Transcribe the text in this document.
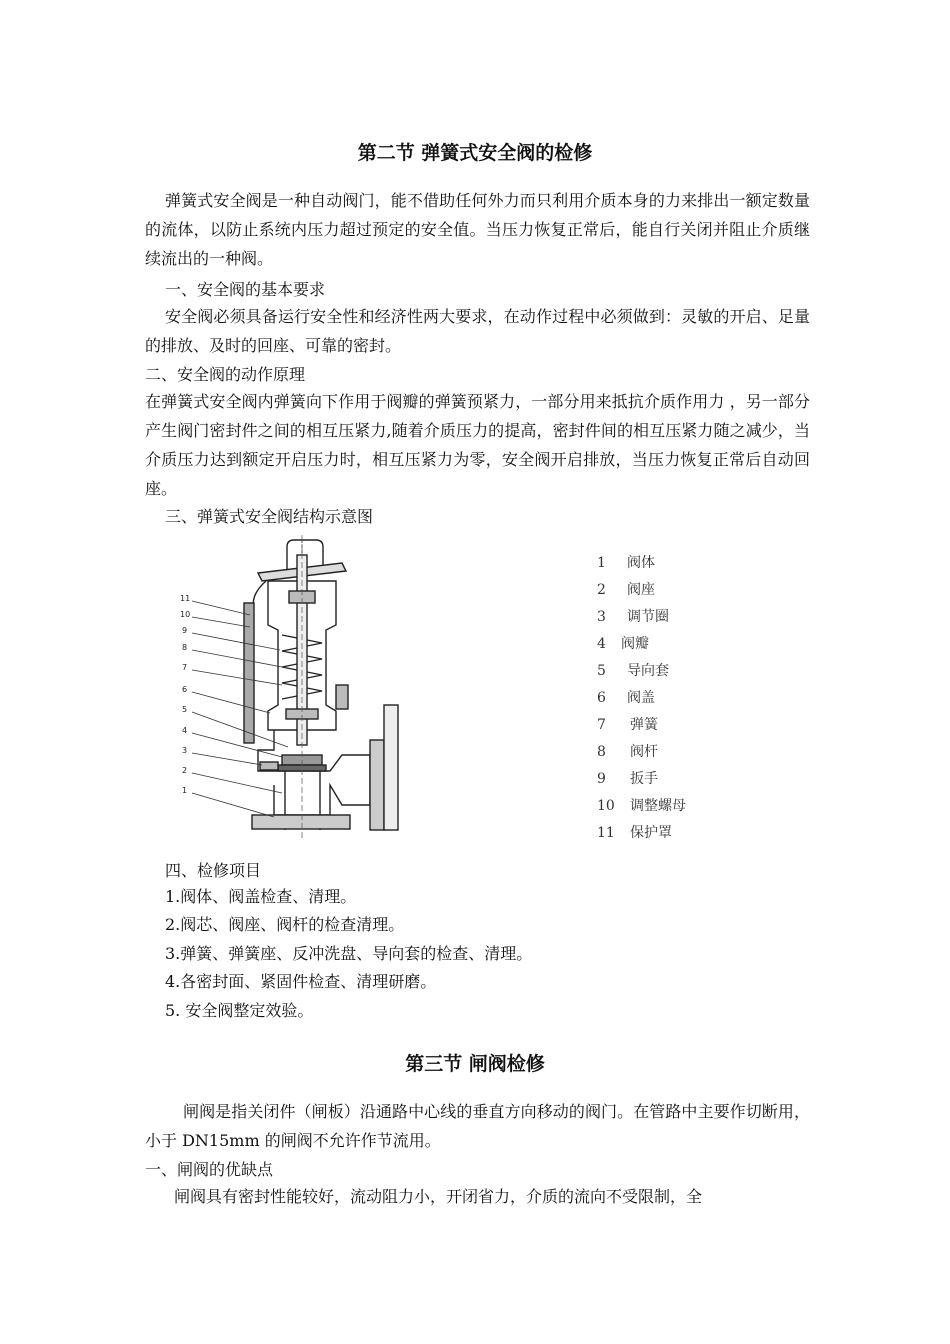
第二节 弹簧式安全阀的检修

弹簧式安全阀是一种自动阀门，能不借助任何外力而只利用介质本身的力来排出一额定数量的流体，以防止系统内压力超过预定的安全值。当压力恢复正常后，能自行关闭并阻止介质继续流出的一种阀。

一、安全阀的基本要求

安全阀必须具备运行安全性和经济性两大要求，在动作过程中必须做到：灵敏的开启、足量的排放、及时的回座、可靠的密封。

二、安全阀的动作原理

在弹簧式安全阀内弹簧向下作用于阀瓣的弹簧预紧力，一部分用来抵抗介质作用力 ，另一部分产生阀门密封件之间的相互压紧力,随着介质压力的提高，密封件间的相互压紧力随之减少，当介质压力达到额定开启压力时，相互压紧力为零，安全阀开启排放，当压力恢复正常后自动回座。

三、弹簧式安全阀结构示意图
11
10
9
8
7
6
5
4
3
2
1
1 阀体
2 阀座
3 调节圈
4 阀瓣
5 导向套
6 阀盖
7 弹簧
8 阀杆
9 扳手
10 调整螺母
11 保护罩
四、检修项目
1.阀体、阀盖检查、清理。
2.阀芯、阀座、阀杆的检查清理。
3.弹簧、弹簧座、反冲洗盘、导向套的检查、清理。
4.各密封面、紧固件检查、清理研磨。
5. 安全阀整定效验。
第三节 闸阀检修

闸阀是指关闭件（闸板）沿通路中心线的垂直方向移动的阀门。在管路中主要作切断用，小于 DN15mm 的闸阀不允许作节流用。

一、闸阀的优缺点
闸阀具有密封性能较好，流动阻力小，开闭省力，介质的流向不受限制，全
